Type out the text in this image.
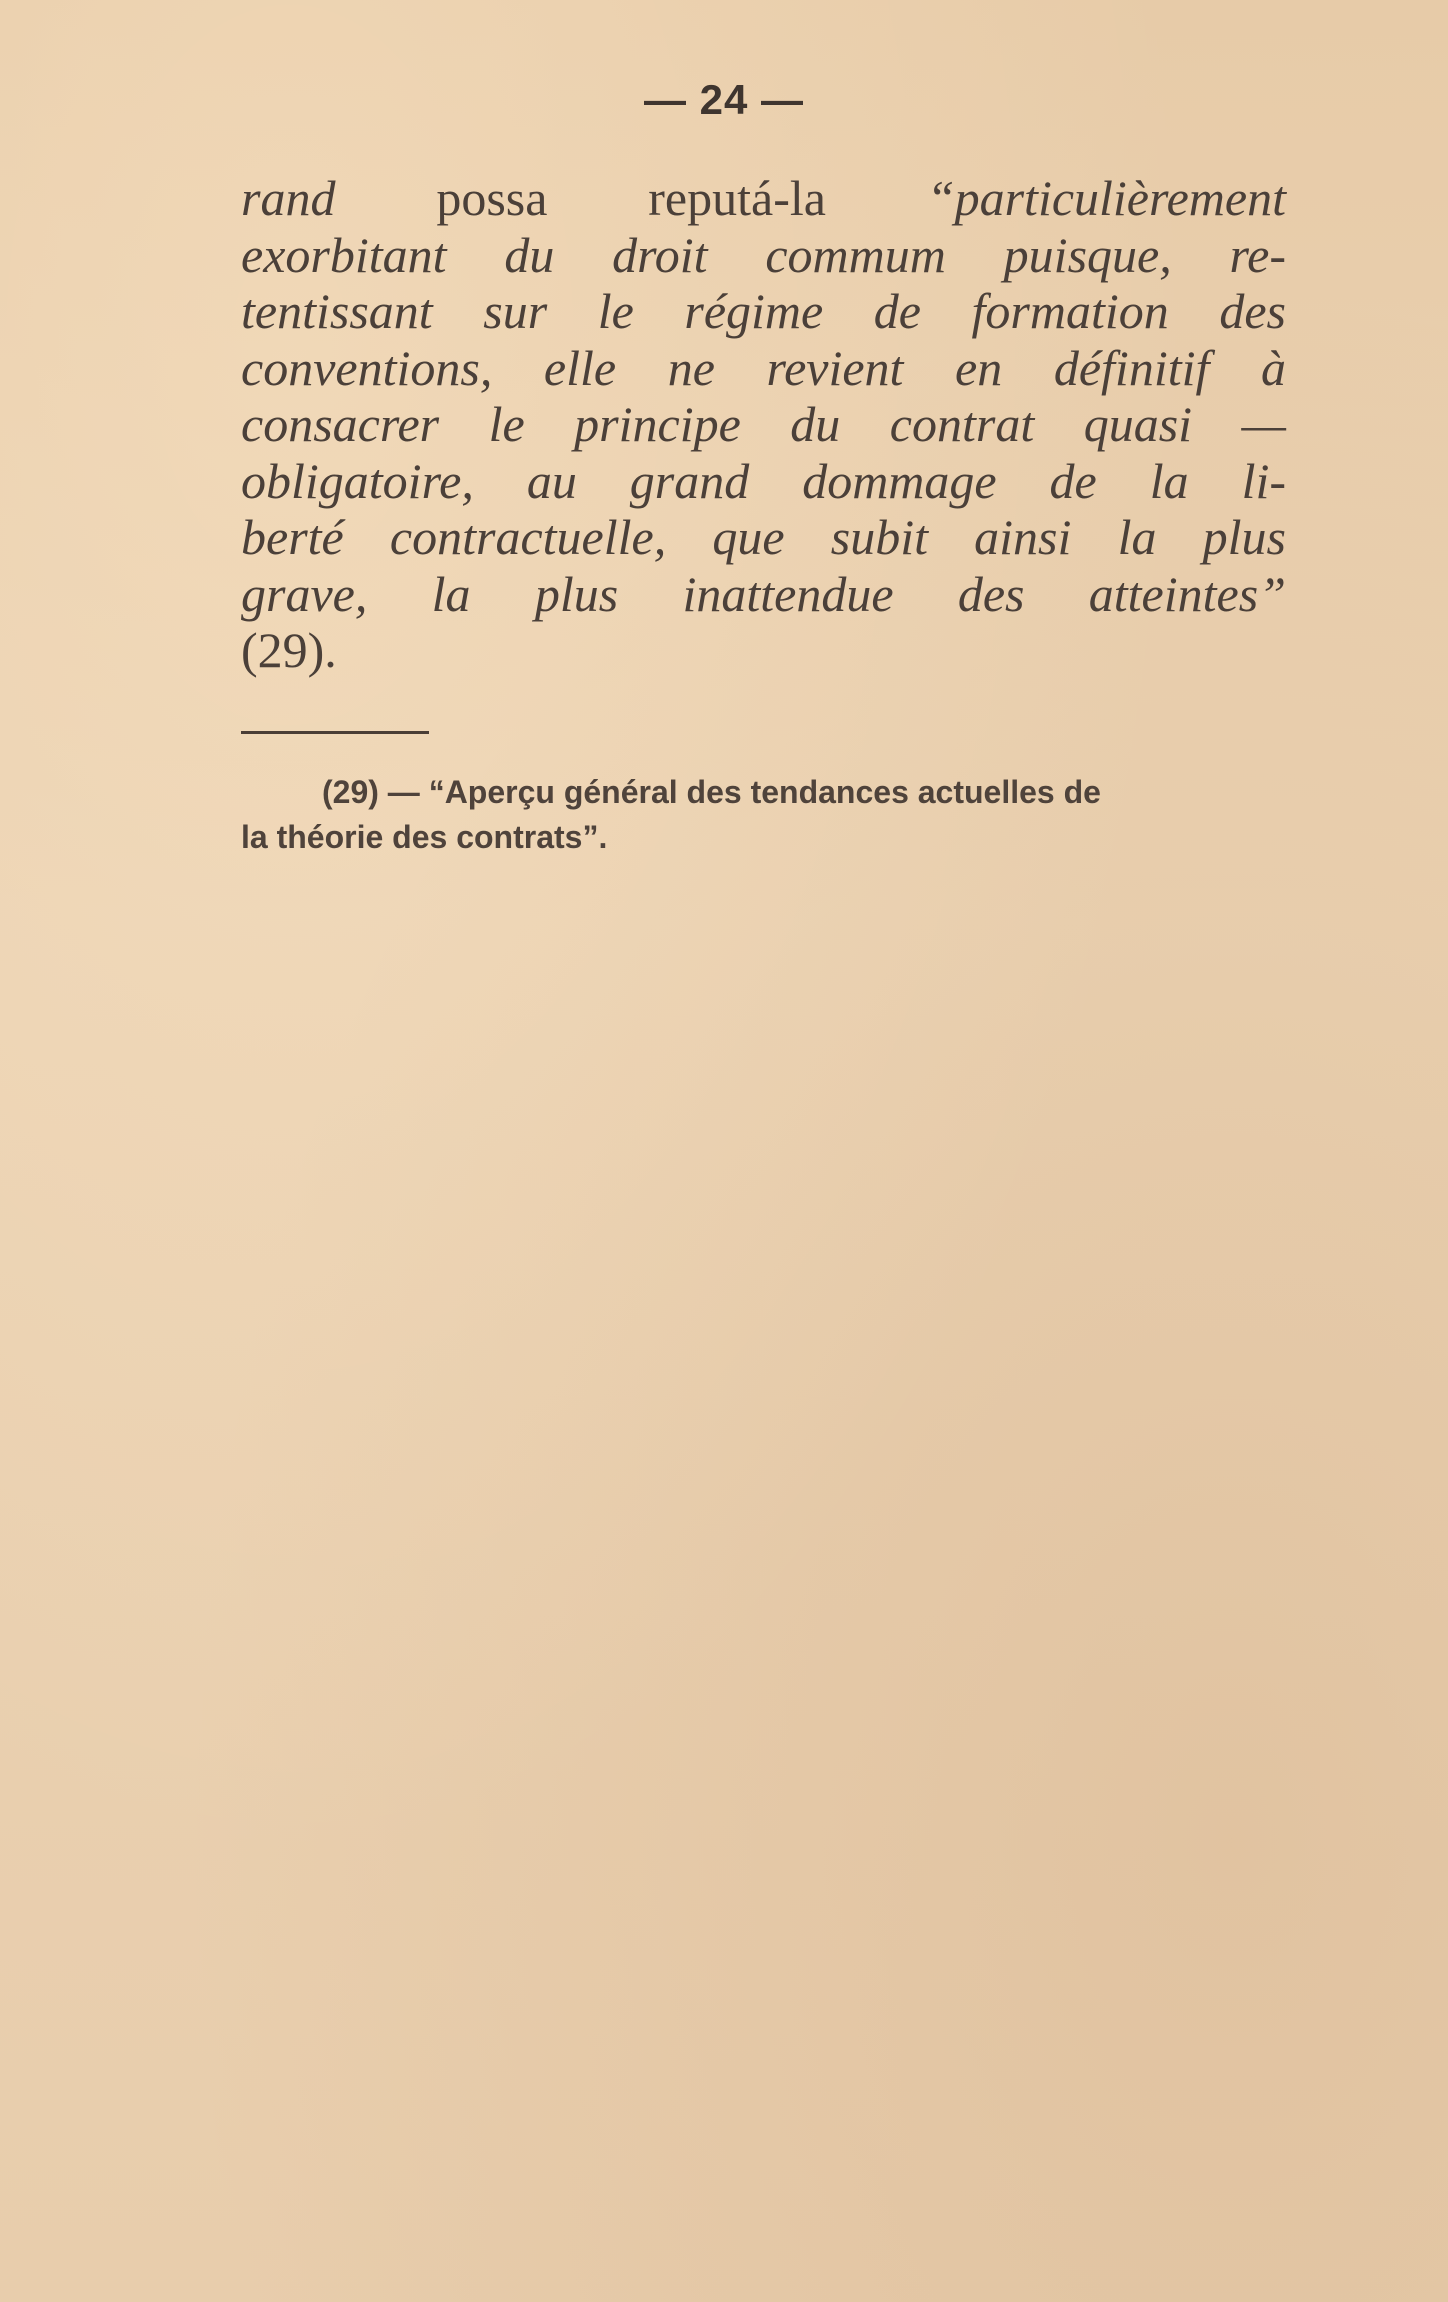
— 24 —
rand possa reputá-la “particulièrement
exorbitant du droit commum puisque, re-
tentissant sur le régime de formation des
conventions, elle ne revient en définitif à
consacrer le principe du contrat quasi —
obligatoire, au grand dommage de la li-
berté contractuelle, que subit ainsi la plus
grave, la plus inattendue des atteintes”
(29).
(29) — “Aperçu général des tendances actuelles de
la théorie des contrats”.
